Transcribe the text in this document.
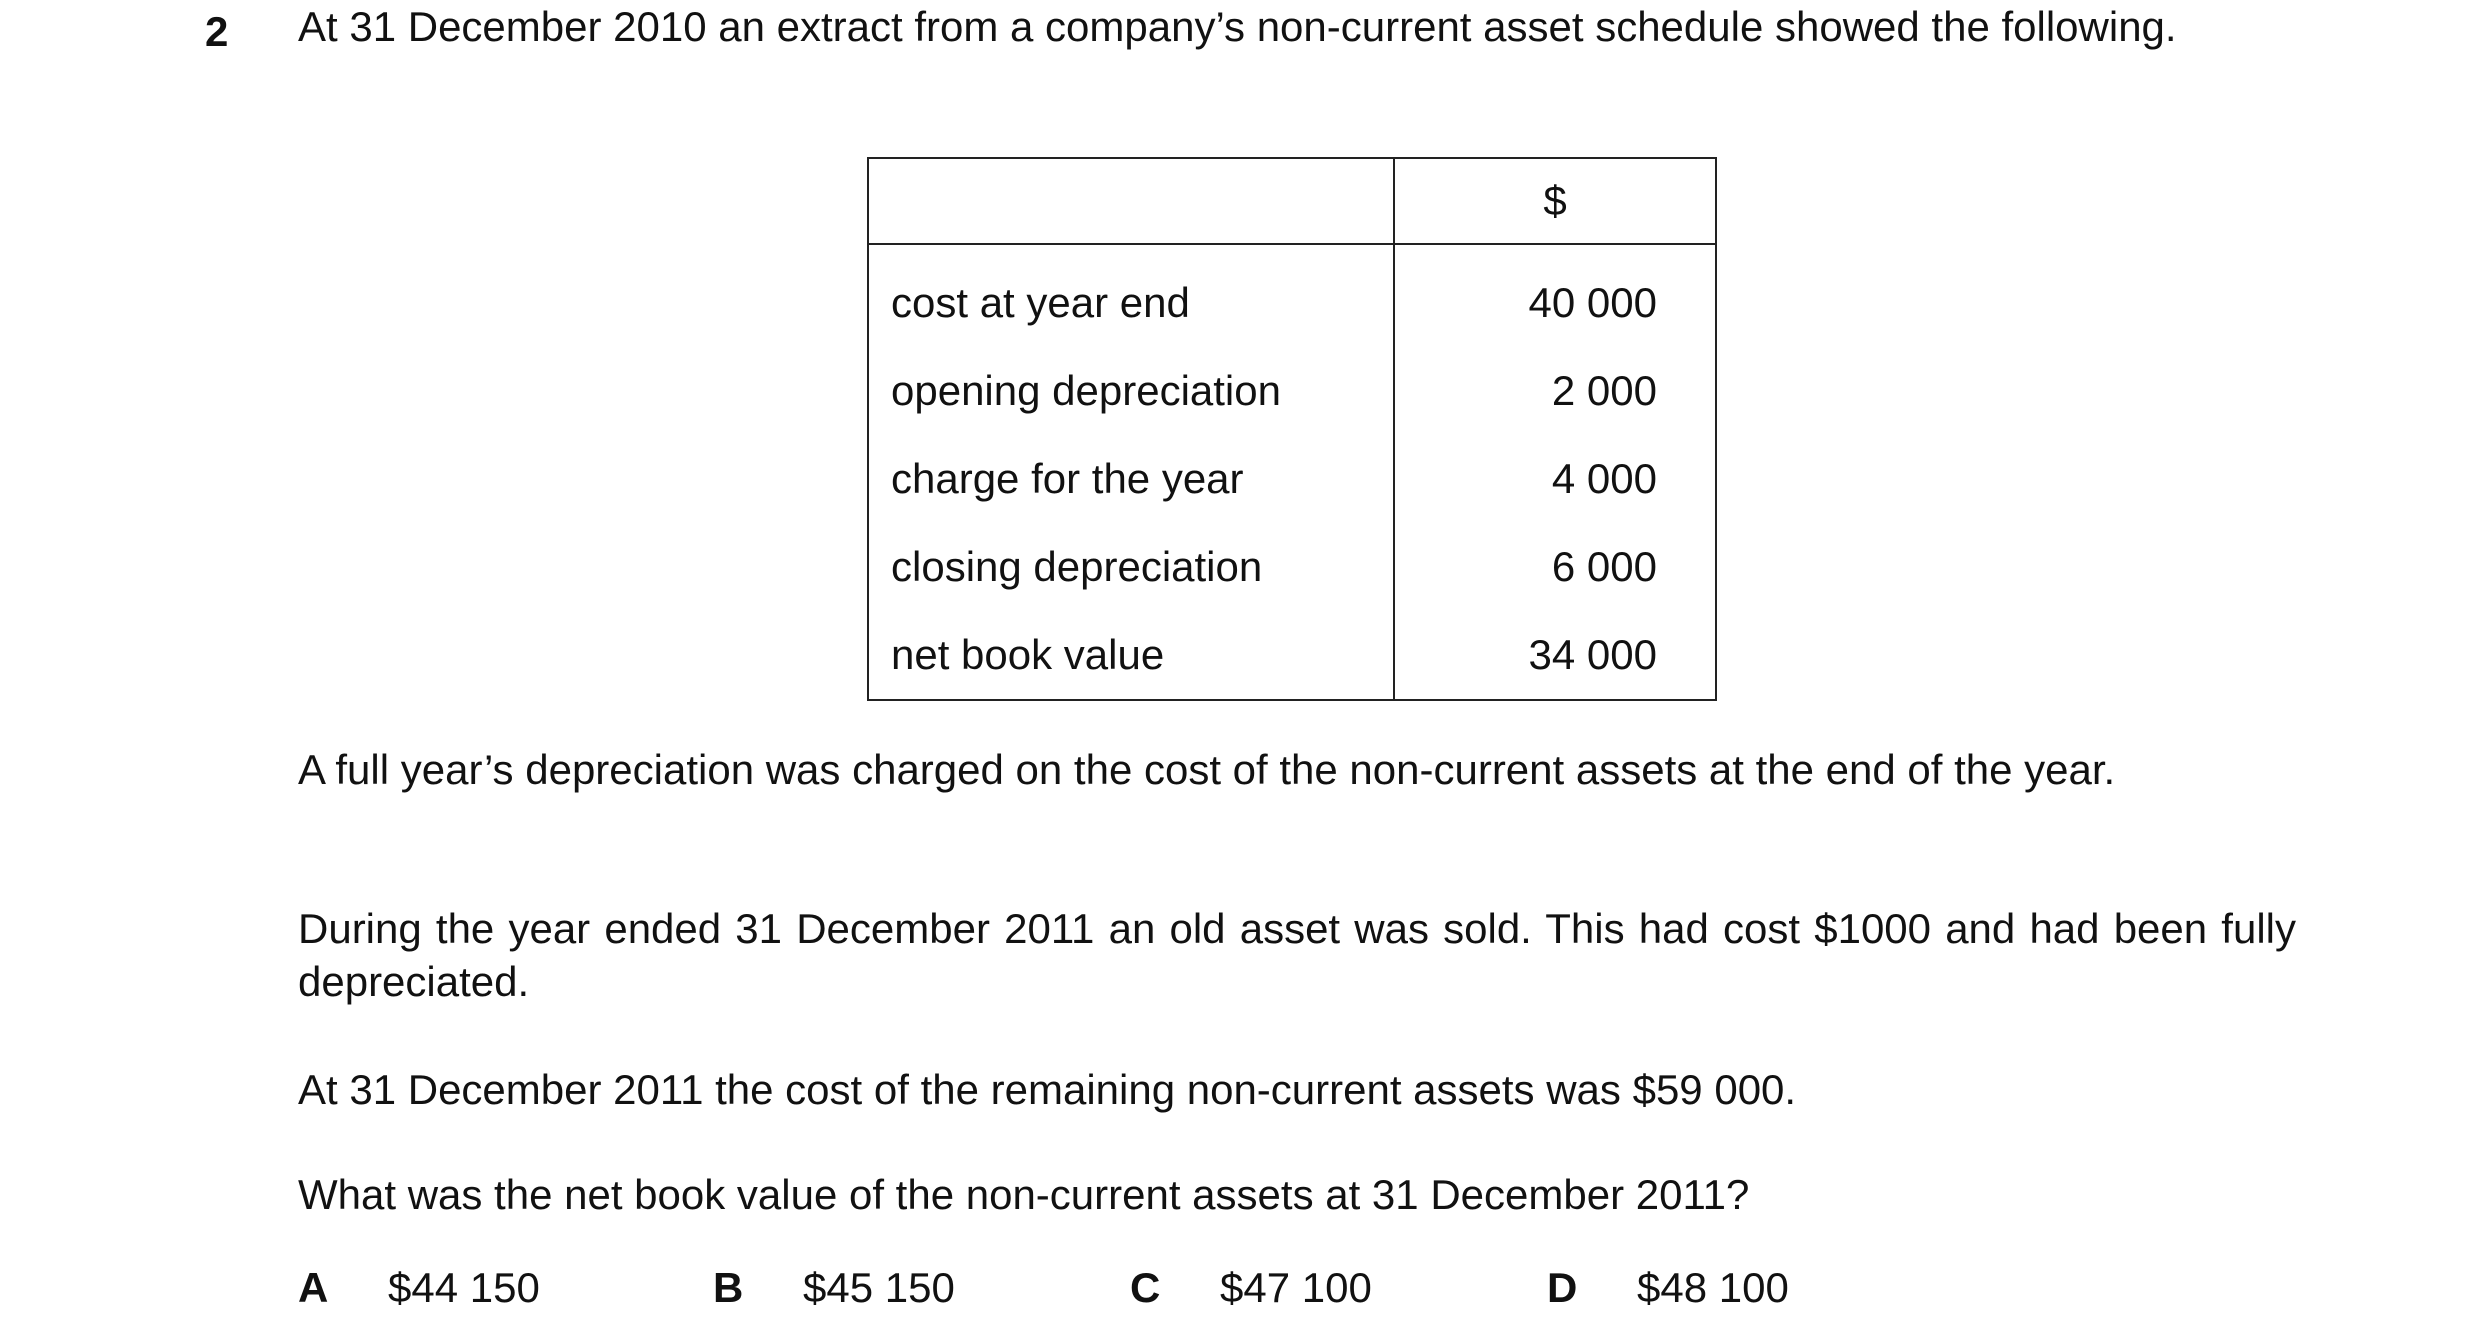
2 At 31 December 2010 an extract from a company’s non-current asset schedule showed the following.

	$
cost at year end	40 000
opening depreciation	2 000
charge for the year	4 000
closing depreciation	6 000
net book value	34 000

A full year’s depreciation was charged on the cost of the non-current assets at the end of the year.

During the year ended 31 December 2011 an old asset was sold. This had cost $1000 and had been fully depreciated.

At 31 December 2011 the cost of the remaining non-current assets was $59 000.

What was the net book value of the non-current assets at 31 December 2011?

A $44 150	B $45 150	C $47 100	D $48 100
